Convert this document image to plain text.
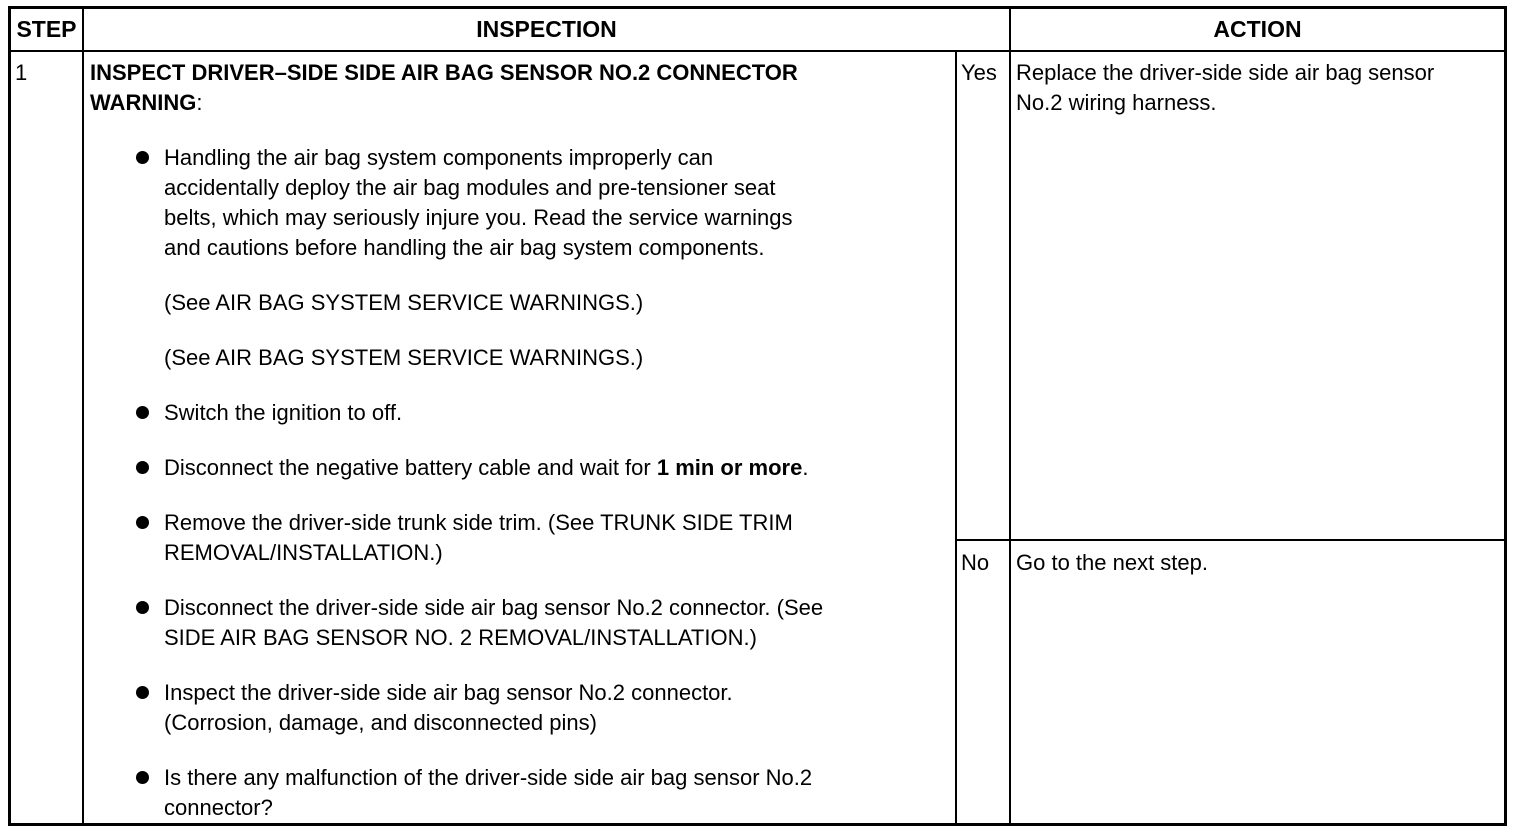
STEP	INSPECTION	ACTION
1	INSPECT DRIVER–SIDE SIDE AIR BAG SENSOR NO.2 CONNECTOR
WARNING:
Handling the air bag system components improperly can
accidentally deploy the air bag modules and pre-tensioner seat
belts, which may seriously injure you. Read the service warnings
and cautions before handling the air bag system components.
(See AIR BAG SYSTEM SERVICE WARNINGS.)
(See AIR BAG SYSTEM SERVICE WARNINGS.)
Switch the ignition to off.
Disconnect the negative battery cable and wait for 1 min or more.
Remove the driver-side trunk side trim. (See TRUNK SIDE TRIM
REMOVAL/INSTALLATION.)
Disconnect the driver-side side air bag sensor No.2 connector. (See
SIDE AIR BAG SENSOR NO. 2 REMOVAL/INSTALLATION.)
Inspect the driver-side side air bag sensor No.2 connector.
(Corrosion, damage, and disconnected pins)
Is there any malfunction of the driver-side side air bag sensor No.2
connector?
Yes Replace the driver-side side air bag sensor
No.2 wiring harness.
No Go to the next step.
